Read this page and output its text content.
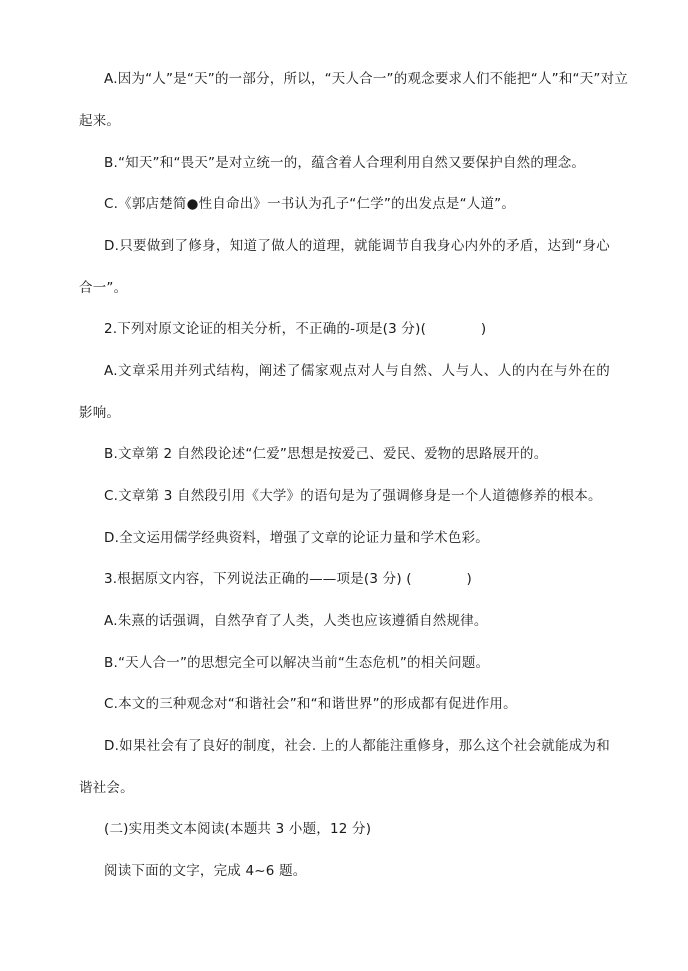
A.因为“人”是“天”的一部分，所以，“天人合一”的观念要求人们不能把“人”和“天”对立
起来。
B.“知天”和“畏天”是对立统一的，蕴含着人合理利用自然又要保护自然的理念。
C.《郭店楚简●性自命出》一书认为孔子“仁学”的出发点是“人道”。
D.只要做到了修身，知道了做人的道理，就能调节自我身心内外的矛盾，达到“身心
合一”。
2.下列对原文论证的相关分析，不正确的-项是(3 分)(　　　　)
A.文章采用并列式结构，阐述了儒家观点对人与自然、人与人、人的内在与外在的
影响。
B.文章第 2 自然段论述“仁爱”思想是按爱己、爱民、爱物的思路展开的。
C.文章第 3 自然段引用《大学》的语句是为了强调修身是一个人道德修养的根本。
D.全文运用儒学经典资料，增强了文章的论证力量和学术色彩。
3.根据原文内容，下列说法正确的——项是(3 分) (　　　　)
A.朱熹的话强调，自然孕育了人类，人类也应该遵循自然规律。
B.“天人合一”的思想完全可以解决当前“生态危机”的相关问题。
C.本文的三种观念对“和谐社会”和“和谐世界”的形成都有促进作用。
D.如果社会有了良好的制度，社会. 上的人都能注重修身，那么这个社会就能成为和
谐社会。
(二)实用类文本阅读(本题共 3 小题，12 分)
阅读下面的文字，完成 4~6 题。
